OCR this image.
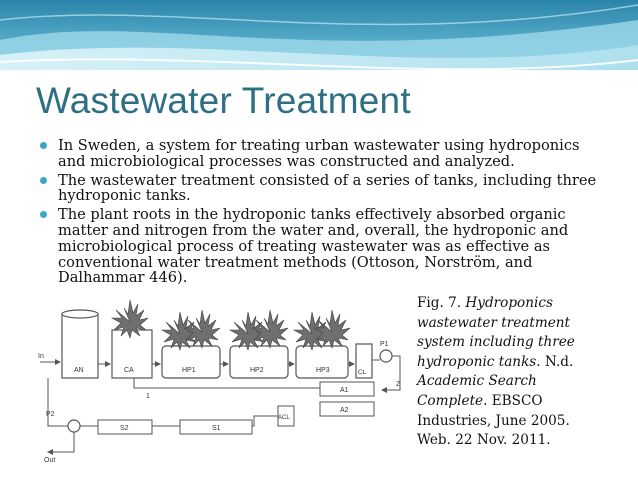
Wastewater Treatment
In Sweden, a system for treating urban wastewater using hydroponics and microbiological processes was constructed and analyzed.
The wastewater treatment consisted of a series of tanks, including three hydroponic tanks.
The plant roots in the hydroponic tanks effectively absorbed organic matter and nitrogen from the water and, overall, the hydroponic and microbiological process of treating wastewater was as effective as conventional water treatment methods (Ottoson, Norström, and Dalhammar 446).
AN	CA	HP1	HP2	HP3	CL
P1
A1
A2
ACL
S1
S2
P2
In
Out
1
2
Fig. 7. Hydroponics wastewater treatment system including three hydroponic tanks. N.d. Academic Search Complete. EBSCO Industries, June 2005. Web. 22 Nov. 2011.
